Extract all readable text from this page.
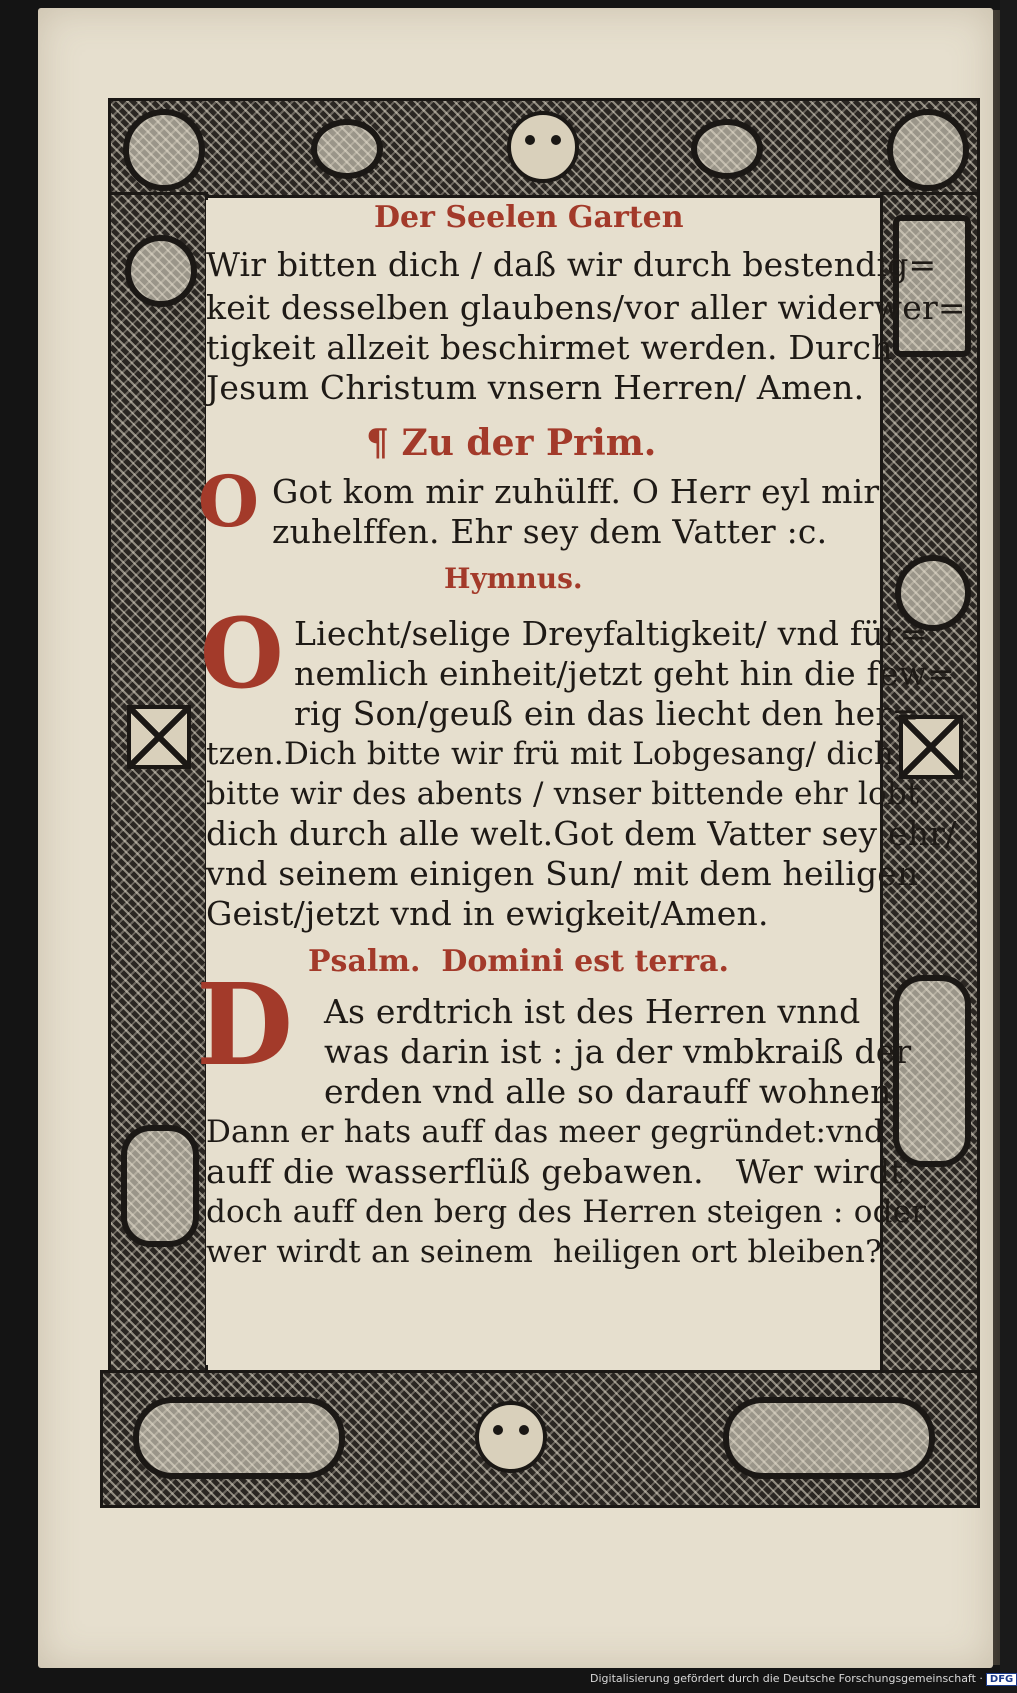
Der Seelen Garten
Wir bitten dich / daß wir durch bestendig=
keit desselben glaubens/vor aller widerwer=
tigkeit allzeit beschirmet werden. Durch
Jesum Christum vnsern Herren/ Amen.
¶ Zu der Prim.
O Got kom mir zuhülff. O Herr eyl mir
zuhelffen. Ehr sey dem Vatter :c.
Hymnus.
O Liecht/selige Dreyfaltigkeit/ vnd für=
nemlich einheit/jetzt geht hin die few=
rig Son/geuß ein das liecht den her=
tzen.Dich bitte wir frü mit Lobgesang/ dich
bitte wir des abents / vnser bittende ehr lobt
dich durch alle welt.Got dem Vatter sey ehr/
vnd seinem einigen Sun/ mit dem heiligen
Geist/jetzt vnd in ewigkeit/Amen.
Psalm.  Domini est terra.
D As erdtrich ist des Herren vnnd
was darin ist : ja der vmbkraiß der
erden vnd alle so darauff wohnen.
Dann er hats auff das meer gegründet:vnd
auff die wasserflüß gebawen.   Wer wirdt
doch auff den berg des Herren steigen : oder
wer wirdt an seinem  heiligen ort bleiben?
Digitalisierung gefördert durch die Deutsche Forschungsgemeinschaft · DFG
